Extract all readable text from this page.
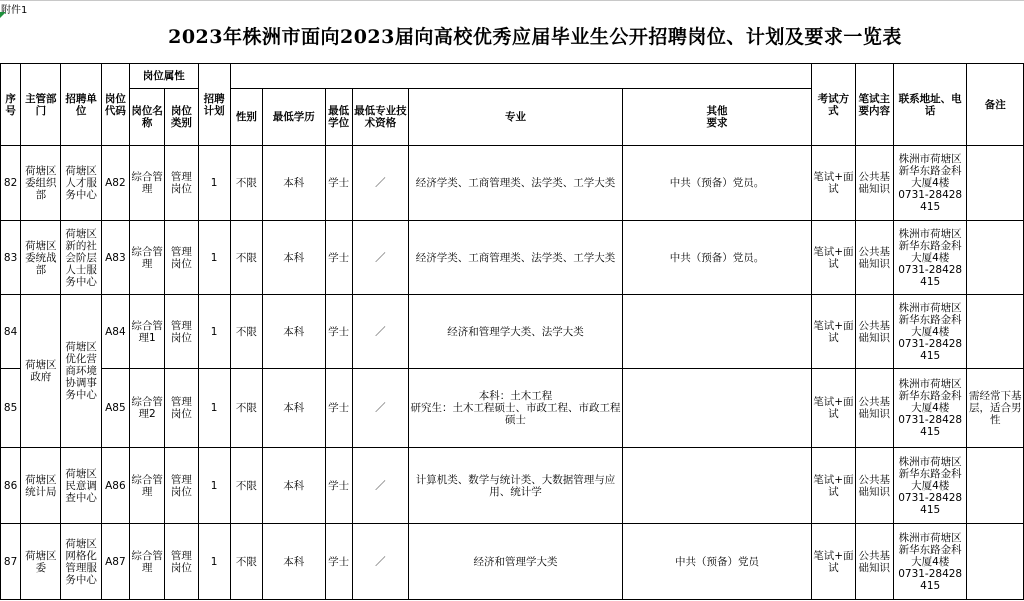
附件1
2023年株洲市面向2023届向高校优秀应届毕业生公开招聘岗位、计划及要求一览表
序号	主管部门	招聘单位	岗位代码	岗位属性		招聘计划							考试方式	笔试主要内容	联系地址、电话	备注
				岗位名称	岗位类别		性别	最低学历	最低学位	最低专业技术资格	专业	其他
要求				
82	荷塘区委组织部	荷塘区人才服务中心	A82	综合管理	管理岗位	1	不限	本科	学士	／	经济学类、工商管理类、法学类、工学大类	中共（预备）党员。	笔试+面试	公共基础知识	株洲市荷塘区新华东路金科大厦4楼
0731-28428415	
83	荷塘区委统战部	荷塘区新的社会阶层人士服务中心	A83	综合管理	管理岗位	1	不限	本科	学士	／	经济学类、工商管理类、法学类、工学大类	中共（预备）党员。	笔试+面试	公共基础知识	株洲市荷塘区新华东路金科大厦4楼
0731-28428415	
84	荷塘区政府	荷塘区优化营商环境协调事务中心	A84	综合管理1	管理岗位	1	不限	本科	学士	／	经济和管理学大类、法学大类		笔试+面试	公共基础知识	株洲市荷塘区新华东路金科大厦4楼
0731-28428415	
85			A85	综合管理2	管理岗位	1	不限	本科	学士	／	本科：土木工程
研究生：土木工程硕士、市政工程、市政工程硕士		笔试+面试	公共基础知识	株洲市荷塘区新华东路金科大厦4楼
0731-28428415	需经常下基层，适合男性
86	荷塘区统计局	荷塘区民意调查中心	A86	综合管理	管理岗位	1	不限	本科	学士	／	计算机类、数学与统计类、大数据管理与应用、统计学		笔试+面试	公共基础知识	株洲市荷塘区新华东路金科大厦4楼
0731-28428415	
87	荷塘区委	荷塘区网格化管理服务中心	A87	综合管理	管理岗位	1	不限	本科	学士	／	经济和管理学大类	中共（预备）党员	笔试+面试	公共基础知识	株洲市荷塘区新华东路金科大厦4楼
0731-28428415	
